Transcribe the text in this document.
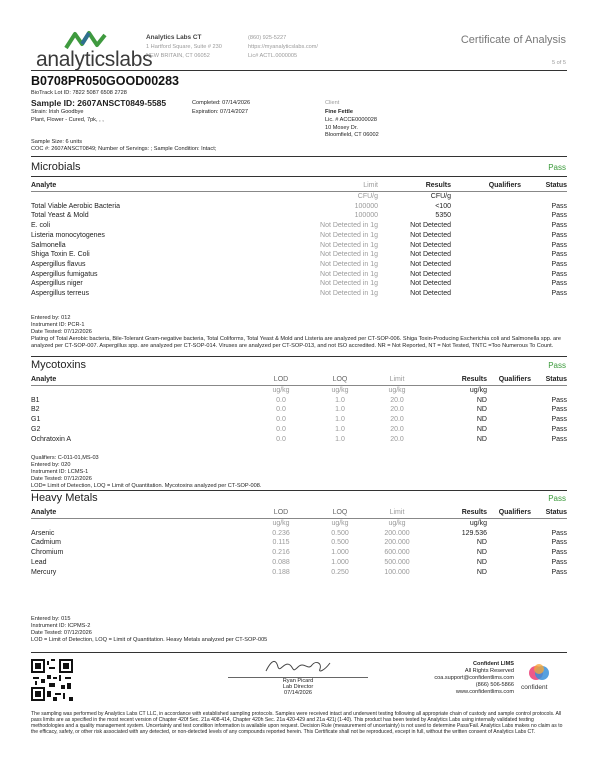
analyticslabs
Analytics Labs CT
1 Hartford Square, Suite # 230
NEW BRITAIN, CT 06052
(860) 925-5227
https://myanalyticslabs.com/
Lic# ACTL.0000005
Certificate of Analysis
5 of 5
B0708PR050GOOD00283
BioTrack Lot ID: 7822 5087 6508 2728
Sample ID: 2607ANSCT0849-5585
Strain: Irish Goodbye
Plant, Flower - Cured, 7pk, , ,
Completed: 07/14/2026
Expiration: 07/14/2027
Client
Fine Fettle
Lic. # ACCE0000028
10 Mosey Dr.
Bloomfield, CT 06002
Sample Size: 6 units
COC #: 2607ANSCT0849; Number of Servings: ; Sample Condition: Intact;
Microbials	Pass
Analyte	Limit	Results	Qualifiers	Status
	CFU/g	CFU/g		
Total Viable Aerobic Bacteria	100000	<100		Pass
Total Yeast & Mold	100000	5350		Pass
E. coli	Not Detected in 1g	Not Detected		Pass
Listeria monocytogenes	Not Detected in 1g	Not Detected		Pass
Salmonella	Not Detected in 1g	Not Detected		Pass
Shiga Toxin E. Coli	Not Detected in 1g	Not Detected		Pass
Aspergillus flavus	Not Detected in 1g	Not Detected		Pass
Aspergillus fumigatus	Not Detected in 1g	Not Detected		Pass
Aspergillus niger	Not Detected in 1g	Not Detected		Pass
Aspergillus terreus	Not Detected in 1g	Not Detected		Pass
Entered by: 012
Instrument ID: PCR-1
Date Tested: 07/12/2026
Plating of Total Aerobic bacteria, Bile-Tolerant Gram-negative bacteria, Total Coliforms, Total Yeast & Mold and Listeria are analyzed per CT-SOP-006. Shiga Toxin-Producing Escherichia coli and Salmonella spp. are analyzed per CT-SOP-007. Aspergillus spp. are analyzed per CT-SOP-014. Viruses are analyzed per CT-SOP-013, and not ISO accredited. NR = Not Reported, NT = Not Tested, TNTC =Too Numerous To Count.
Mycotoxins	Pass
Analyte	LOD	LOQ	Limit	Results	Qualifiers	Status
	ug/kg	ug/kg	ug/kg	ug/kg		
B1	0.0	1.0	20.0	ND		Pass
B2	0.0	1.0	20.0	ND		Pass
G1	0.0	1.0	20.0	ND		Pass
G2	0.0	1.0	20.0	ND		Pass
Ochratoxin A	0.0	1.0	20.0	ND		Pass
Qualifiers: C-011-01,MS-03
Entered by: 020
Instrument ID: LCMS-1
Date Tested: 07/12/2026
LOD= Limit of Detection, LOQ = Limit of Quantitation. Mycotoxins analyzed per CT-SOP-008.
Heavy Metals	Pass
Analyte	LOD	LOQ	Limit	Results	Qualifiers	Status
	ug/kg	ug/kg	ug/kg	ug/kg		
Arsenic	0.236	0.500	200.000	129.536		Pass
Cadmium	0.115	0.500	200.000	ND		Pass
Chromium	0.216	1.000	600.000	ND		Pass
Lead	0.088	1.000	500.000	ND		Pass
Mercury	0.188	0.250	100.000	ND		Pass
Entered by: 015
Instrument ID: ICPMS-2
Date Tested: 07/12/2026
LOD = Limit of Detection, LOQ = Limit of Quantitation. Heavy Metals analyzed per CT-SOP-005
Ryan Picard
Lab Director
07/14/2026
Confident LIMS
All Rights Reserved
coa.support@confidentlims.com
(866) 506-5866
www.confidentlims.com
confident
The sampling was performed by Analytics Labs CT LLC, in accordance with established sampling protocols. Samples were received intact and underwent testing following all appropriate chain of custody and sample control protocols. All pass limits are as specified in the most recent version of Chapter 420f Sec. 21a 408-414, Chapter 420h Sec. 21a 420-429 and 21a 421j (1-40). This product has been tested by Analytics Labs using internally validated testing methodologies and a quality management system. Uncertainty and test condition information is available upon request. Decision Rule (measurement of uncertainty) is not used to determine Pass/Fail. Analytics Labs makes no claim as to the efficacy, safety, or other risk associated with any detected, or non-detected levels of any compounds reported herein. This Certificate shall not be reproduced, except in full, without the written consent of Analytics Labs CT.
